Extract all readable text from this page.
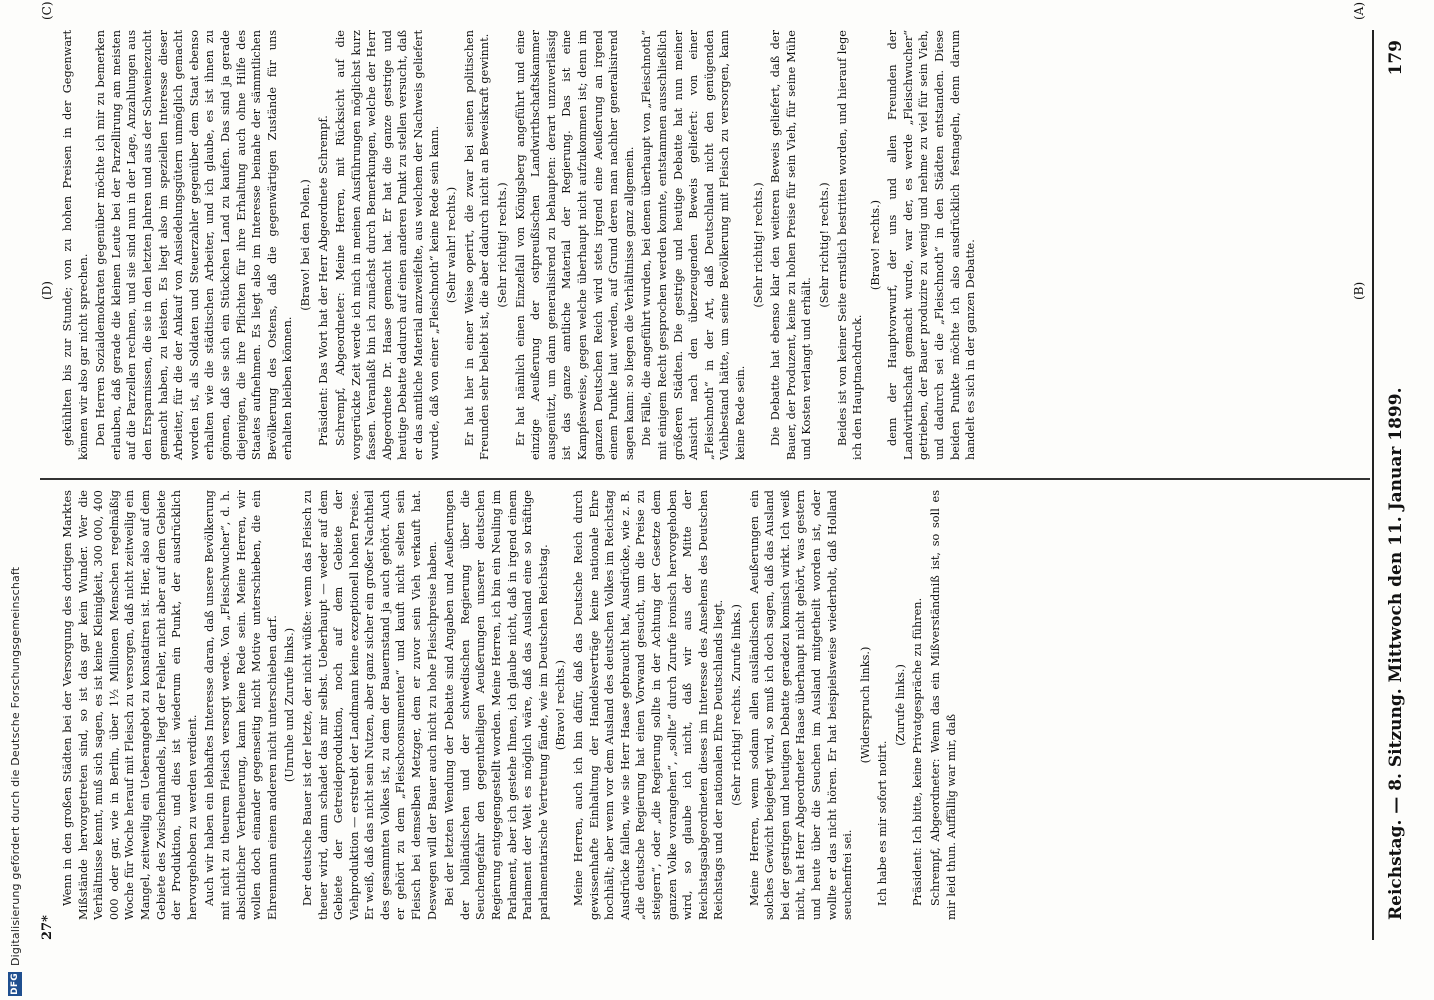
DFG
Digitalisierung gefördert durch die Deutsche Forschungsgemeinschaft	Reichstag. — 8. Sitzung. Mittwoch den 11. Januar 1899.
179
(A)
(B)
(C)
(D) gekühlten bis zur Stunde; von zu hohen Preisen in der Gegenwart können wir also gar nicht sprechen. Den Herren Sozialdemokraten gegenüber möchte ich mir zu bemerken erlauben, daß gerade die kleinen Leute bei der Parzellirung am meisten auf die Parzellen rechnen, und sie sind nun in der Lage, Anzahlungen aus den Ersparnissen, die sie in den letzten Jahren und aus der Schweinezucht gemacht haben, zu leisten. Es liegt also im speziellen Interesse dieser Arbeiter, für die der Ankauf von Ansiedelungsgütern unmöglich gemacht worden ist, als Soldaten und Steuerzahler gegenüber dem Staat ebenso erhalten wie die städtischen Arbeiter, und ich glaube, es ist ihnen zu gönnen, daß sie sich ein Stückchen Land zu kaufen. Das sind ja gerade diejenigen, die ihre Pflichten für ihre Erhaltung auch ohne Hilfe des Staates aufnehmen. Es liegt also im Interesse beinahe der sämmtlichen Bevölkerung des Ostens, daß die gegenwärtigen Zustände für uns erhalten bleiben können.

(Bravo! bei den Polen.) Präsident: Das Wort hat der Herr Abgeordnete Schrempf. Schrempf, Abgeordneter: Meine Herren, mit Rücksicht auf die vorgerückte Zeit werde ich mich in meinen Ausführungen möglichst kurz fassen. Veranlaßt bin ich zunächst durch Bemerkungen, welche der Herr Abgeordnete Dr. Haase gemacht hat. Er hat die ganze gestrige und heutige Debatte dadurch auf einen anderen Punkt zu stellen versucht, daß er das amtliche Material anzweifelte, aus welchem der Nachweis geliefert wurde, daß von einer „Fleischnoth“ keine Rede sein kann. (Sehr wahr! rechts.) Er hat hier in einer Weise operirt, die zwar bei seinen politischen Freunden sehr beliebt ist, die aber dadurch nicht an Beweiskraft gewinnt. (Sehr richtig! rechts.) Er hat nämlich einen Einzelfall von Königsberg angeführt und eine einzige Aeußerung der ostpreußischen Landwirthschaftskammer ausgenützt, um dann generalisirend zu behaupten: derart unzuverlässig ist das ganze amtliche Material der Regierung. Das ist eine Kampfesweise, gegen welche überhaupt nicht aufzukommen ist; denn im ganzen Deutschen Reich wird stets irgend eine Aeußerung an irgend einem Punkte laut werden, auf Grund deren man nachher generalisirend sagen kann: so liegen die Verhältnisse ganz allgemein. Die Fälle, die angeführt wurden, bei denen überhaupt von „Fleischnoth“ mit einigem Recht gesprochen werden konnte, entstammen ausschließlich größeren Städten. Die gestrige und heutige Debatte hat nun meiner Ansicht nach den überzeugenden Beweis geliefert: von einer „Fleischnoth“ in der Art, daß Deutschland nicht den genügenden Viehbestand hätte, um seine Bevölkerung mit Fleisch zu versorgen, kann keine Rede sein.

(Sehr richtig! rechts.) Die Debatte hat ebenso klar den weiteren Beweis geliefert, daß der Bauer, der Produzent, keine zu hohen Preise für sein Vieh, für seine Mühe und Kosten verlangt und erhält.

(Sehr richtig! rechts.) Beides ist von keiner Seite ernstlich bestritten worden, und hierauf lege ich den Hauptnachdruck.

(Bravo! rechts.) denn der Hauptvorwurf, der uns und allen Freunden der Landwirthschaft gemacht wurde, war der, es werde „Fleischwucher“ getrieben, der Bauer produzire zu wenig und nehme zu viel für sein Vieh, und dadurch sei die „Fleischnoth“ in den Städten entstanden. Diese beiden Punkte möchte ich also ausdrücklich festnageln, denn darum handelt es sich in der ganzen Debatte.

Wenn in den großen Städten bei der Versorgung des dortigen Marktes Mißstände hervorgetreten sind, so ist das gar kein Wunder. Wer die Verhältnisse kennt, muß sich sagen, es ist keine Kleinigkeit, 300 000, 400 000 oder gar, wie in Berlin, über 1½ Millionen Menschen regelmäßig Woche für Woche herauf mit Fleisch zu versorgen, daß nicht zeitweilig ein Mangel, zeitweilig ein Ueberangebot zu konstatiren ist. Hier, also auf dem Gebiete des Zwischenhandels, liegt der Fehler, nicht aber auf dem Gebiete der Produktion, und dies ist wiederum ein Punkt, der ausdrücklich hervorgehoben zu werden verdient. Auch wir haben ein lebhaftes Interesse daran, daß unsere Bevölkerung mit nicht zu theurem Fleisch versorgt werde. Von „Fleischwucher“, d. h. absichtlicher Vertheuerung, kann keine Rede sein. Meine Herren, wir wollen doch einander gegenseitig nicht Motive unterschieben, die ein Ehrenmann einem anderen nicht unterschieben darf. (Unruhe und Zurufe links.) Der deutsche Bauer ist der letzte, der nicht wüßte: wenn das Fleisch zu theuer wird, dann schadet das mir selbst. Ueberhaupt — weder auf dem Gebiete der Getreideproduktion, noch auf dem Gebiete der Viehproduktion — erstrebt der Landmann keine exzeptionell hohen Preise. Er weiß, daß das nicht sein Nutzen, aber ganz sicher ein großer Nachtheil des gesammten Volkes ist, zu dem der Bauernstand ja auch gehört. Auch er gehört zu dem „Fleischconsumenten“ und kauft nicht selten sein Fleisch bei demselben Metzger, dem er zuvor sein Vieh verkauft hat. Deswegen will der Bauer auch nicht zu hohe Fleischpreise haben. Bei der letzten Wendung der Debatte sind Angaben und Aeußerungen der holländischen und der schwedischen Regierung über die Seuchengefahr den gegentheiligen Aeußerungen unserer deutschen Regierung entgegengestellt worden. Meine Herren, ich bin ein Neuling im Parlament, aber ich gestehe Ihnen, ich glaube nicht, daß in irgend einem Parlament der Welt es möglich wäre, daß das Ausland eine so kräftige parlamentarische Vertretung fände, wie im Deutschen Reichstag. (Bravo! rechts.) Meine Herren, auch ich bin dafür, daß das Deutsche Reich durch gewissenhafte Einhaltung der Handelsverträge keine nationale Ehre hochhält; aber wenn vor dem Ausland des deutschen Volkes im Reichstag Ausdrücke fallen, wie sie Herr Haase gebraucht hat, Ausdrücke, wie z. B. „die deutsche Regierung hat einen Vorwand gesucht, um die Preise zu steigern“, oder „die Regierung sollte in der Achtung der Gesetze dem ganzen Volke vorangehen“, „sollte“ durch Zurufe ironisch hervorgehoben wird, so glaube ich nicht, daß wir aus der Mitte der Reichstagsabgeordneten dieses im Interesse des Ansehens des Deutschen Reichstags und der nationalen Ehre Deutschlands liegt. (Sehr richtig! rechts. Zurufe links.) Meine Herren, wenn sodann allen ausländischen Aeußerungen ein solches Gewicht beigelegt wird, so muß ich doch sagen, daß das Ausland bei der gestrigen und heutigen Debatte geradezu komisch wirkt. Ich weiß nicht, hat Herr Abgeordneter Haase überhaupt nicht gehört, was gestern und heute über die Seuchen im Ausland mitgetheilt worden ist, oder wollte er das nicht hören. Er hat beispielsweise wiederholt, daß Holland seuchenfrei sei.

(Widerspruch links.)

Ich habe es mir sofort notirt.

(Zurufe links.) Präsident: Ich bitte, keine Privatgespräche zu führen. Schrempf, Abgeordneter: Wenn das ein Mißverständniß ist, so soll es mir leid thun. Auffällig war mir, daß

27*
